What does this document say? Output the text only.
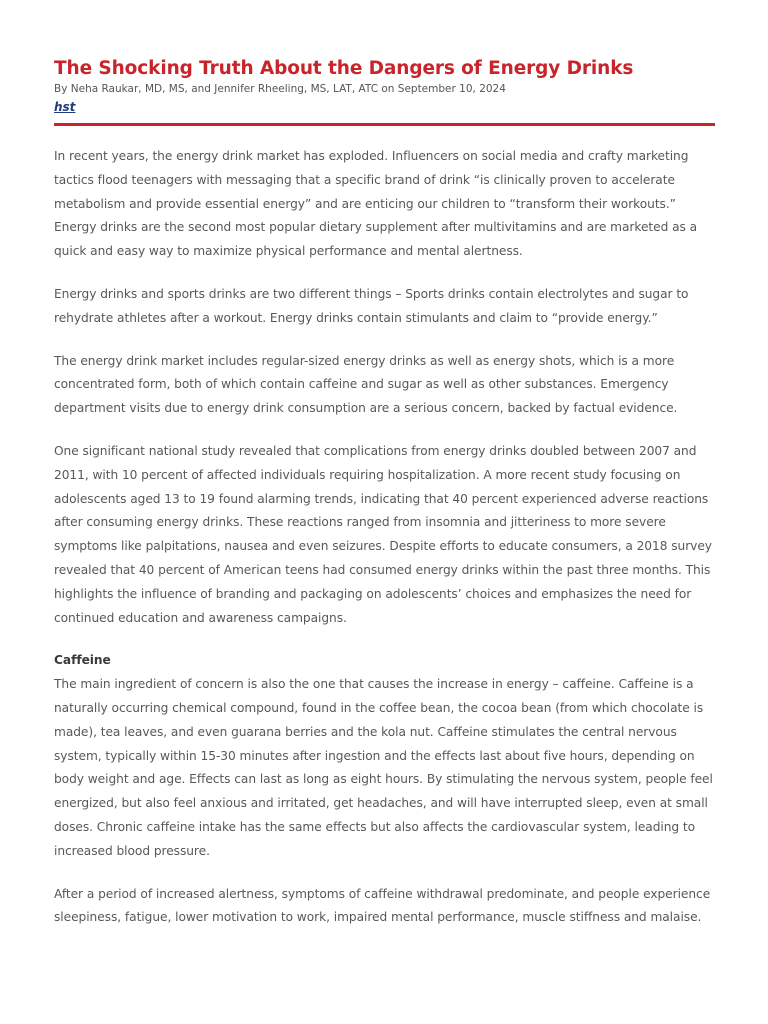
The Shocking Truth About the Dangers of Energy Drinks

By Neha Raukar, MD, MS, and Jennifer Rheeling, MS, LAT, ATC on September 10, 2024

hst

In recent years, the energy drink market has exploded. Influencers on social media and crafty marketing tactics flood teenagers with messaging that a specific brand of drink “is clinically proven to accelerate metabolism and provide essential energy” and are enticing our children to “transform their workouts.” Energy drinks are the second most popular dietary supplement after multivitamins and are marketed as a quick and easy way to maximize physical performance and mental alertness.

Energy drinks and sports drinks are two different things – Sports drinks contain electrolytes and sugar to rehydrate athletes after a workout. Energy drinks contain stimulants and claim to “provide energy.”

The energy drink market includes regular-sized energy drinks as well as energy shots, which is a more concentrated form, both of which contain caffeine and sugar as well as other substances. Emergency department visits due to energy drink consumption are a serious concern, backed by factual evidence.

One significant national study revealed that complications from energy drinks doubled between 2007 and 2011, with 10 percent of affected individuals requiring hospitalization. A more recent study focusing on adolescents aged 13 to 19 found alarming trends, indicating that 40 percent experienced adverse reactions after consuming energy drinks. These reactions ranged from insomnia and jitteriness to more severe symptoms like palpitations, nausea and even seizures. Despite efforts to educate consumers, a 2018 survey revealed that 40 percent of American teens had consumed energy drinks within the past three months. This highlights the influence of branding and packaging on adolescents’ choices and emphasizes the need for continued education and awareness campaigns.

Caffeine

The main ingredient of concern is also the one that causes the increase in energy – caffeine. Caffeine is a naturally occurring chemical compound, found in the coffee bean, the cocoa bean (from which chocolate is made), tea leaves, and even guarana berries and the kola nut. Caffeine stimulates the central nervous system, typically within 15-30 minutes after ingestion and the effects last about five hours, depending on body weight and age. Effects can last as long as eight hours. By stimulating the nervous system, people feel energized, but also feel anxious and irritated, get headaches, and will have interrupted sleep, even at small doses. Chronic caffeine intake has the same effects but also affects the cardiovascular system, leading to increased blood pressure.

After a period of increased alertness, symptoms of caffeine withdrawal predominate, and people experience sleepiness, fatigue, lower motivation to work, impaired mental performance, muscle stiffness and malaise.
